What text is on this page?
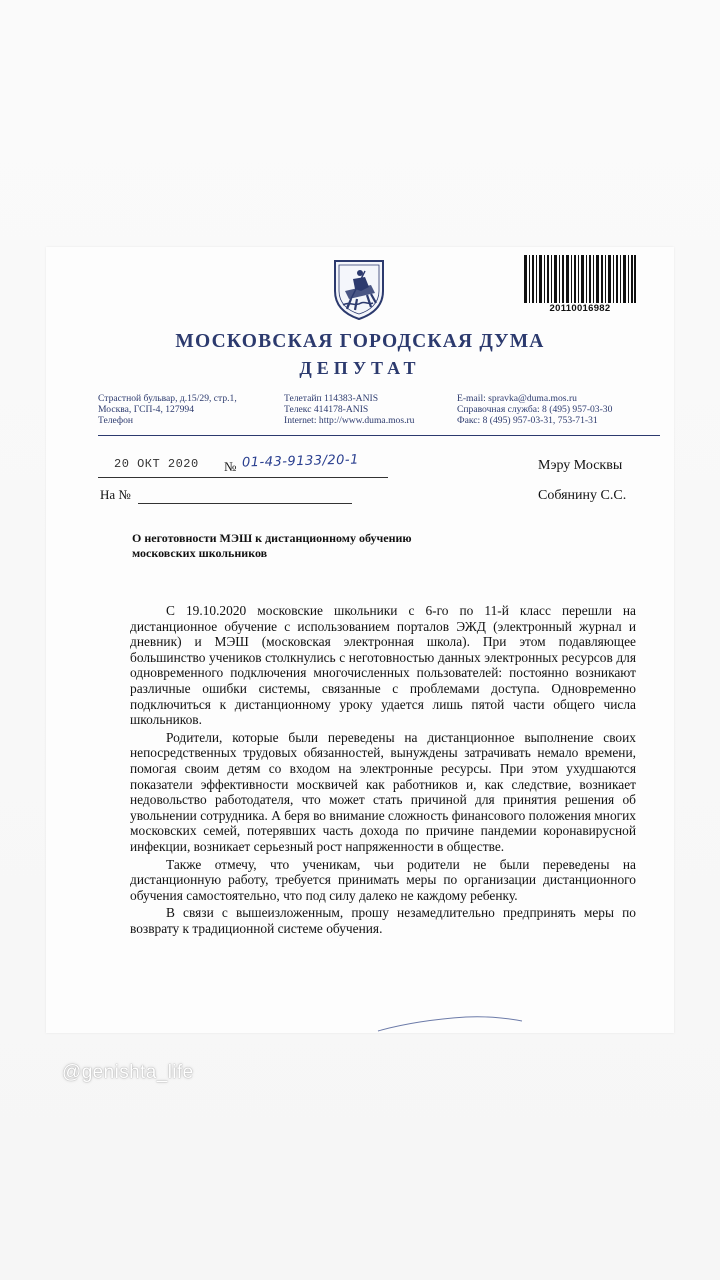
20110016982
МОСКОВСКАЯ ГОРОДСКАЯ ДУМА
ДЕПУТАТ
Страстной бульвар, д.15/29, стр.1,
Москва, ГСП-4, 127994
Телефон
Телетайп 114383-ANIS
Телекс 414178-ANIS
Internet: http://www.duma.mos.ru
E-mail: spravka@duma.mos.ru
Справочная служба: 8 (495) 957-03-30
Факс: 8 (495) 957-03-31, 753-71-31
20 ОКТ 2020 № 01-43-9133/20-1
На №
Мэру Москвы
Собянину С.С.
О неготовности МЭШ к дистанционному обучению московских школьников

С 19.10.2020 московские школьники с 6-го по 11-й класс перешли на дистанционное обучение с использованием порталов ЭЖД (электронный журнал и дневник) и МЭШ (московская электронная школа). При этом подавляющее большинство учеников столкнулись с неготовностью данных электронных ресурсов для одновременного подключения многочисленных пользователей: постоянно возникают различные ошибки системы, связанные с проблемами доступа. Одновременно подключиться к дистанционному уроку удается лишь пятой части общего числа школьников.

Родители, которые были переведены на дистанционное выполнение своих непосредственных трудовых обязанностей, вынуждены затрачивать немало времени, помогая своим детям со входом на электронные ресурсы. При этом ухудшаются показатели эффективности москвичей как работников и, как следствие, возникает недовольство работодателя, что может стать причиной для принятия решения об увольнении сотрудника. А беря во внимание сложность финансового положения многих московских семей, потерявших часть дохода по причине пандемии коронавирусной инфекции, возникает серьезный рост напряженности в обществе.

Также отмечу, что ученикам, чьи родители не были переведены на дистанционную работу, требуется принимать меры по организации дистанционного обучения самостоятельно, что под силу далеко не каждому ребенку.

В связи с вышеизложенным, прошу незамедлительно предпринять меры по возврату к традиционной системе обучения.

@genishta_life
